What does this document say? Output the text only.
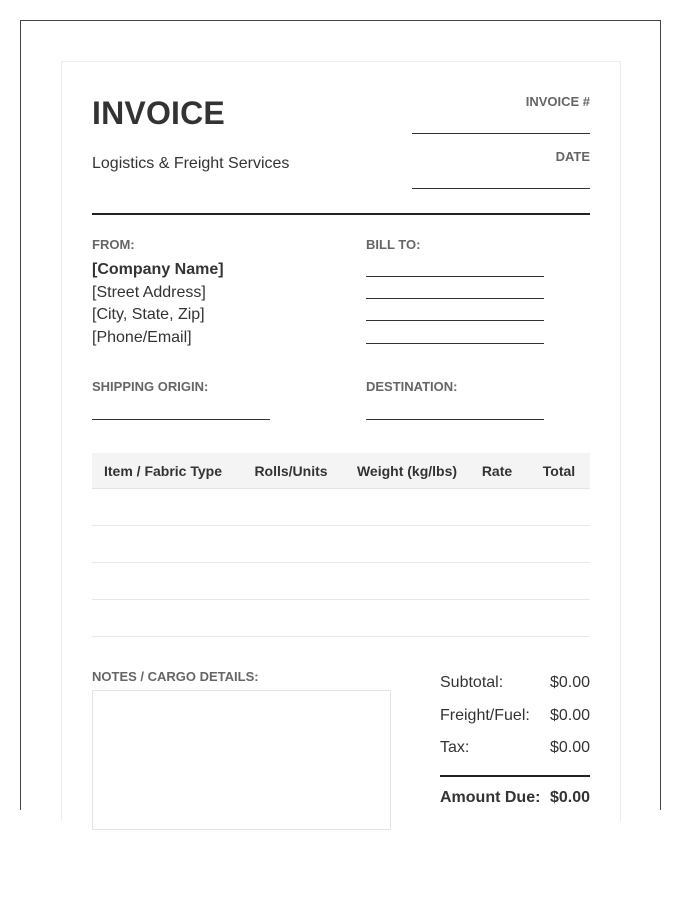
INVOICE
Logistics & Freight Services
INVOICE #
DATE
FROM:
[Company Name]
[Street Address]
[City, State, Zip]
[Phone/Email]
BILL TO:
SHIPPING ORIGIN:	DESTINATION:
Item / Fabric Type	Rolls/Units	Weight (kg/lbs)	Rate	Total
NOTES / CARGO DETAILS:	Subtotal:	$0.00
Freight/Fuel: $0.00
Tax:	$0.00
Amount Due: $0.00
